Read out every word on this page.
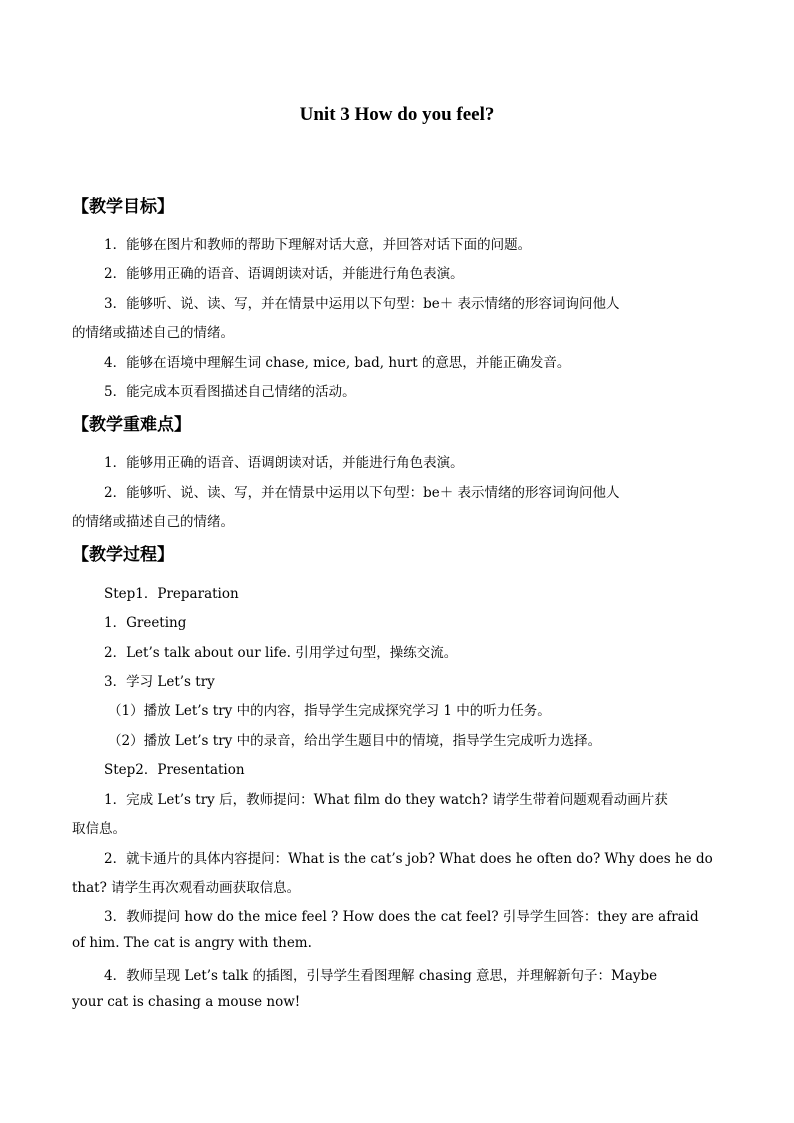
Unit 3 How do you feel?
【教学目标】
1．能够在图片和教师的帮助下理解对话大意，并回答对话下面的问题。
2．能够用正确的语音、语调朗读对话，并能进行角色表演。
3．能够听、说、读、写，并在情景中运用以下句型：be＋ 表示情绪的形容词询问他人
的情绪或描述自己的情绪。
4．能够在语境中理解生词 chase, mice, bad, hurt 的意思，并能正确发音。
5．能完成本页看图描述自己情绪的活动。
【教学重难点】
1．能够用正确的语音、语调朗读对话，并能进行角色表演。
2．能够听、说、读、写，并在情景中运用以下句型：be＋ 表示情绪的形容词询问他人
的情绪或描述自己的情绪。
【教学过程】
Step1．Preparation
1．Greeting
2．Let’s talk about our life. 引用学过句型，操练交流。
3．学习 Let’s try
（1）播放 Let’s try 中的内容，指导学生完成探究学习 1 中的听力任务。
（2）播放 Let’s try 中的录音，给出学生题目中的情境，指导学生完成听力选择。
Step2．Presentation
1．完成 Let’s try 后，教师提问：What film do they watch? 请学生带着问题观看动画片获
取信息。
2．就卡通片的具体内容提问：What is the cat’s job? What does he often do? Why does he do
that? 请学生再次观看动画获取信息。
3．教师提问 how do the mice feel ? How does the cat feel? 引导学生回答：they are afraid
of him. The cat is angry with them.
4．教师呈现 Let’s talk 的插图，引导学生看图理解 chasing 意思，并理解新句子：Maybe
your cat is chasing a mouse now!
